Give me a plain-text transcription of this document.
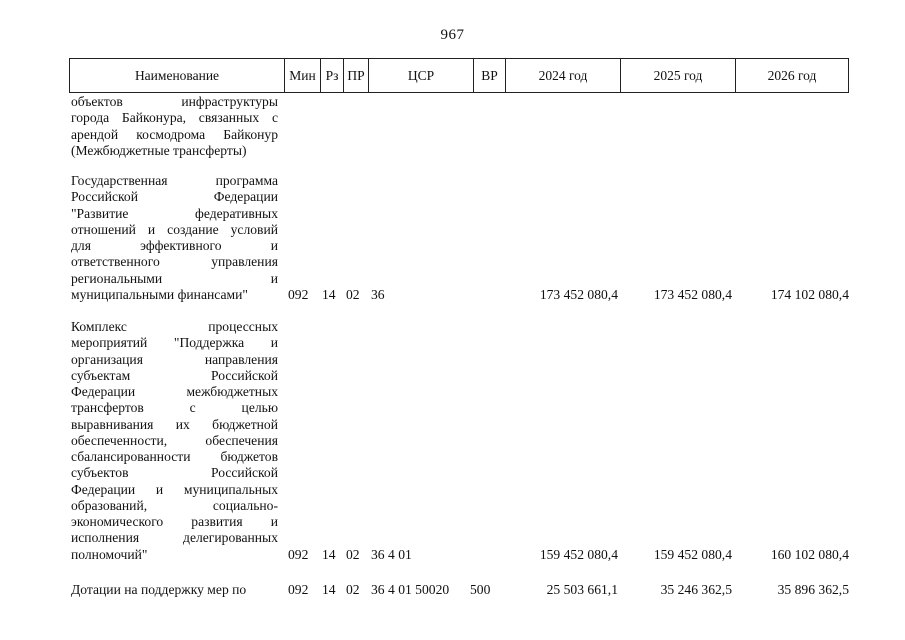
967
Наименование	Мин Рз ПР	ЦСР	ВР	2024 год	2025 год	2026 год
объектов инфраструктуры
города Байконура, связанных с
арендой космодрома Байконур
(Межбюджетные трансферты)
Государственная программа
Российской Федерации
"Развитие федеративных
отношений и создание условий
для эффективного и
ответственного управления
региональными и
муниципальными финансами"	092 14 02 36	173 452 080,4	173 452 080,4	174 102 080,4
Комплекс процессных
мероприятий "Поддержка и
организация направления
субъектам Российской
Федерации межбюджетных
трансфертов с целью
выравнивания их бюджетной
обеспеченности, обеспечения
сбалансированности бюджетов
субъектов Российской
Федерации и муниципальных
образований, социально-
экономического развития и
исполнения делегированных
полномочий"	092 14 02 36 4 01	159 452 080,4	159 452 080,4	160 102 080,4
Дотации на поддержку мер по	092 14 02 36 4 01 50020 500	25 503 661,1	35 246 362,5	35 896 362,5
